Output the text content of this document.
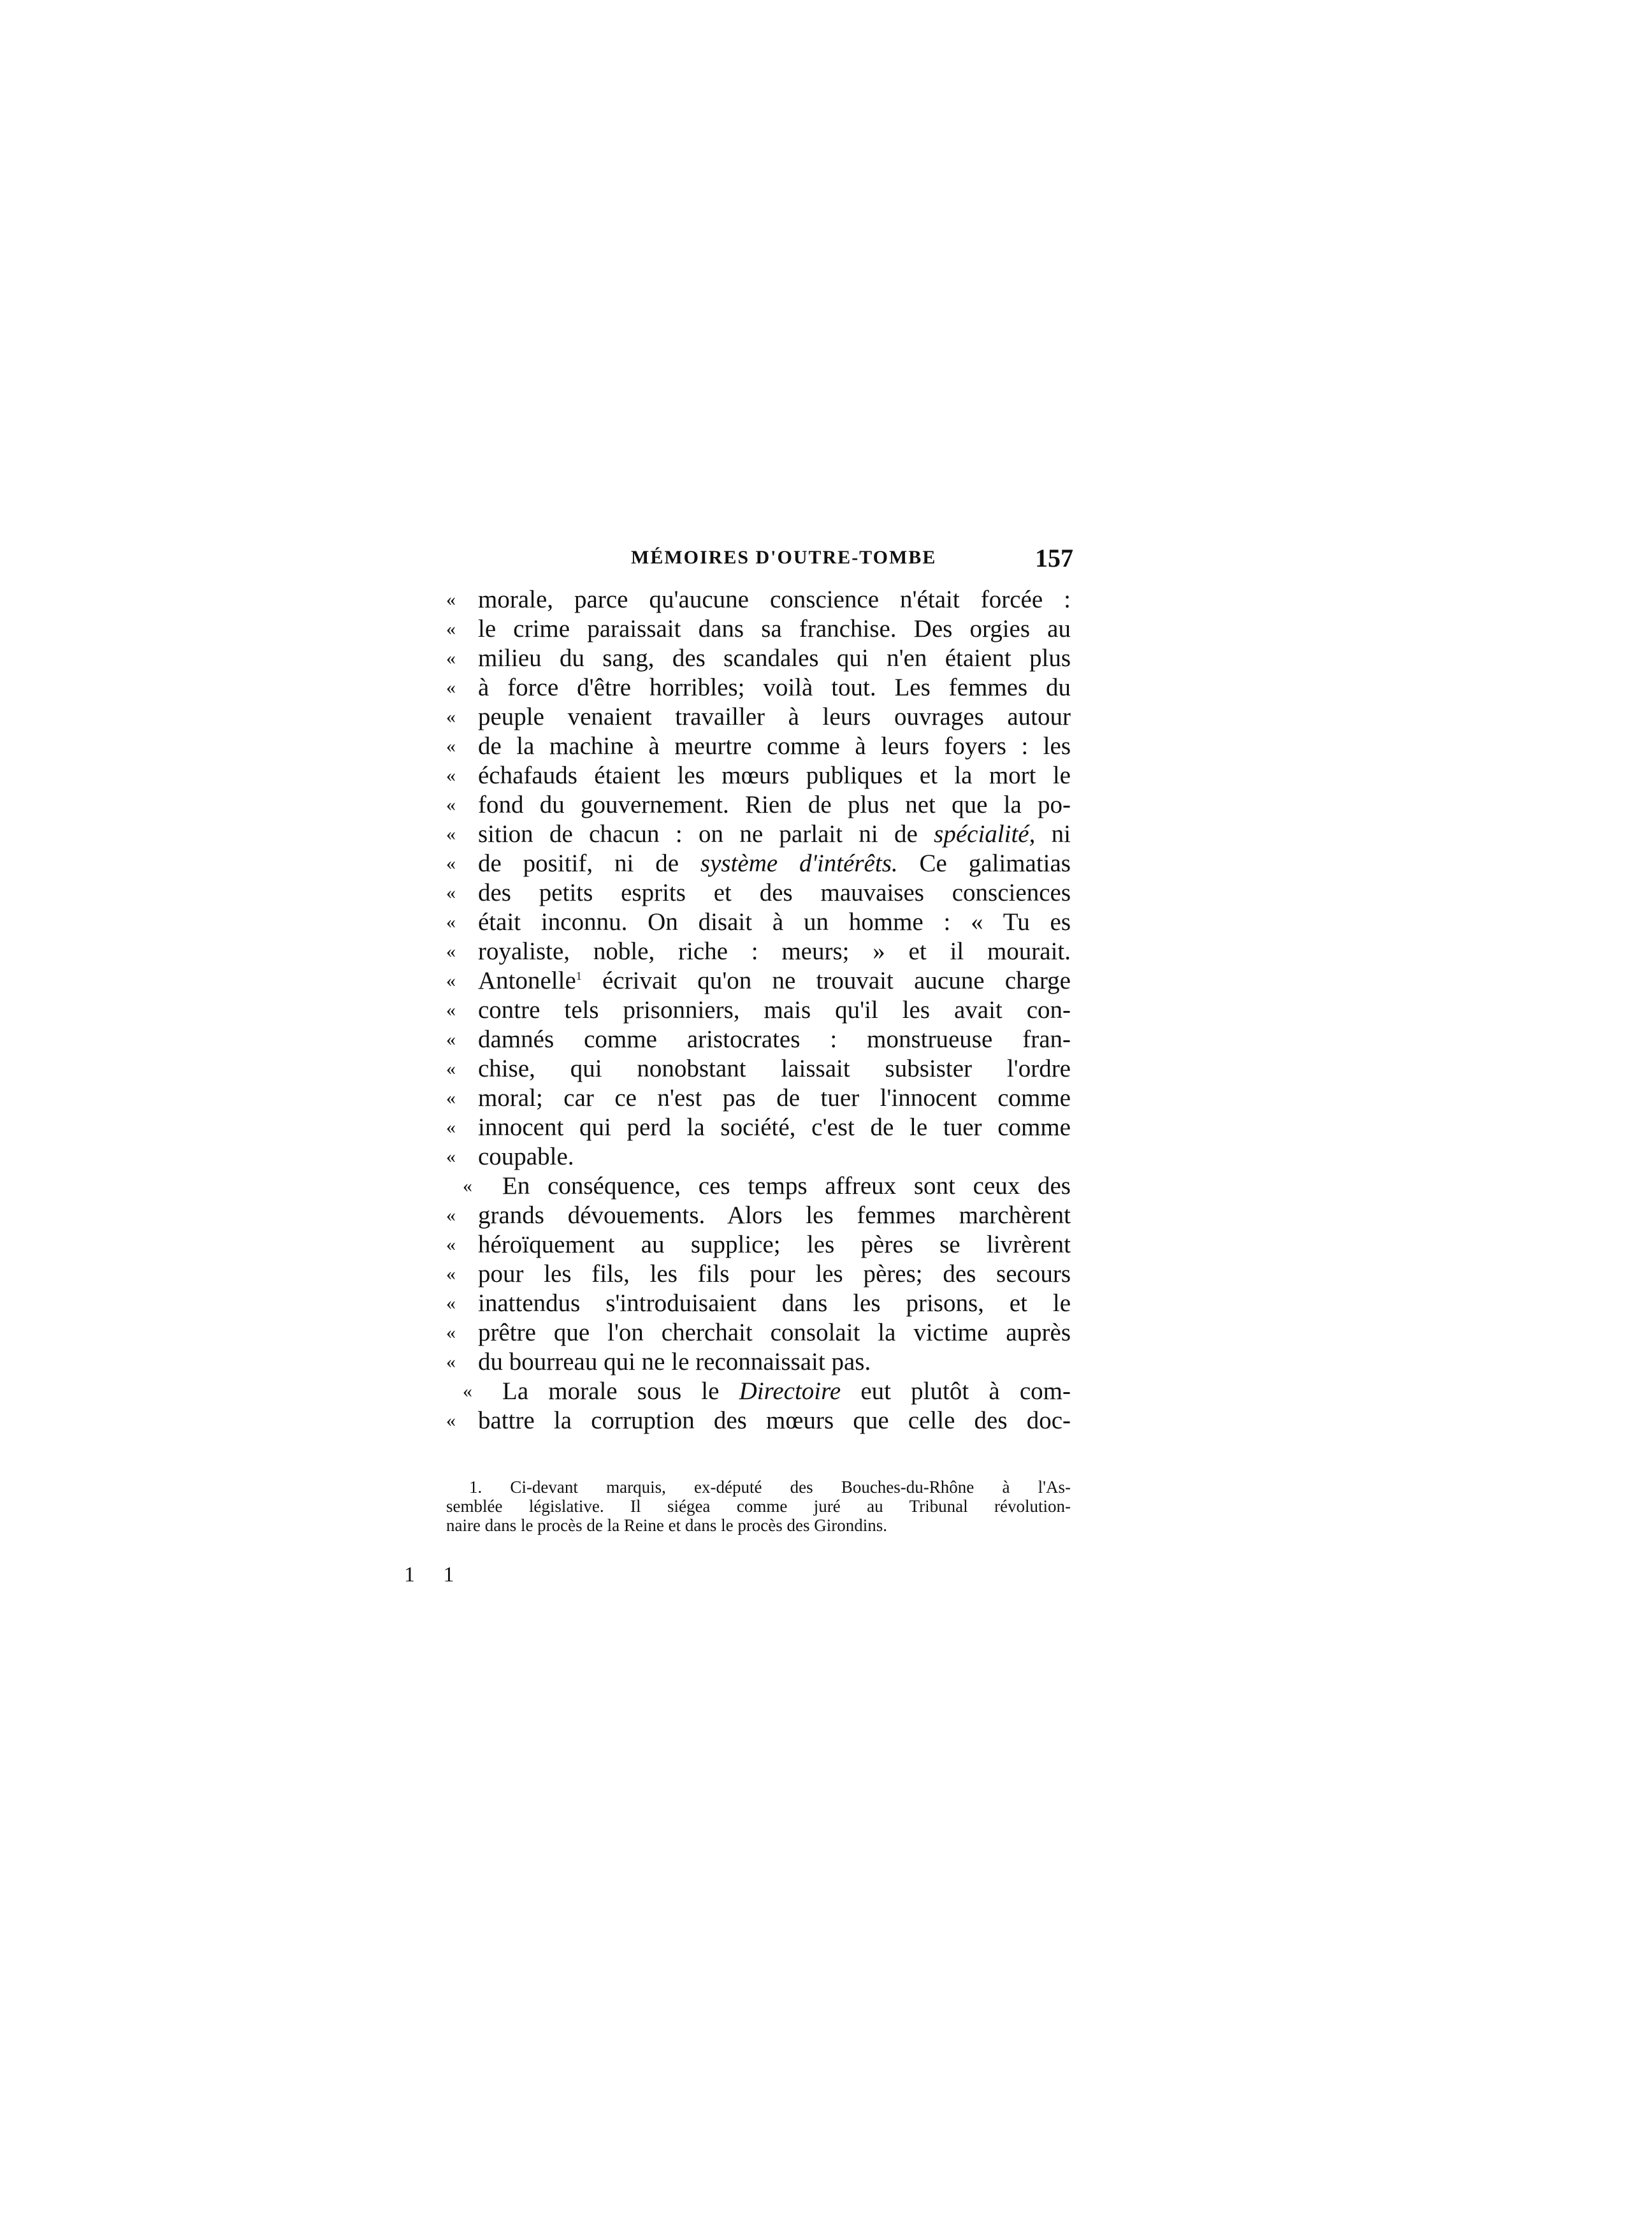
MÉMOIRES D'OUTRE-TOMBE	157
« morale, parce qu'aucune conscience n'était forcée :
« le crime paraissait dans sa franchise. Des orgies au
« milieu du sang, des scandales qui n'en étaient plus
« à force d'être horribles; voilà tout. Les femmes du
« peuple venaient travailler à leurs ouvrages autour
« de la machine à meurtre comme à leurs foyers : les
« échafauds étaient les mœurs publiques et la mort le
« fond du gouvernement. Rien de plus net que la po-
« sition de chacun : on ne parlait ni de spécialité, ni
« de positif, ni de système d'intérêts. Ce galimatias
« des petits esprits et des mauvaises consciences
« était inconnu. On disait à un homme : « Tu es
« royaliste, noble, riche : meurs; » et il mourait.
« Antonelle$^1$ écrivait qu'on ne trouvait aucune charge
« contre tels prisonniers, mais qu'il les avait con-
« damnés comme aristocrates : monstrueuse fran-
« chise, qui nonobstant laissait subsister l'ordre
« moral; car ce n'est pas de tuer l'innocent comme
« innocent qui perd la société, c'est de le tuer comme
« coupable.
« En conséquence, ces temps affreux sont ceux des
« grands dévouements. Alors les femmes marchèrent
« héroïquement au supplice; les pères se livrèrent
« pour les fils, les fils pour les pères; des secours
« inattendus s'introduisaient dans les prisons, et le
« prêtre que l'on cherchait consolait la victime auprès
« du bourreau qui ne le reconnaissait pas.
« La morale sous le Directoire eut plutôt à com-
« battre la corruption des mœurs que celle des doc-
1. Ci-devant marquis, ex-député des Bouches-du-Rhône à l'As-
semblée législative. Il siégea comme juré au Tribunal révolution-
naire dans le procès de la Reine et dans le procès des Girondins.
1 1
